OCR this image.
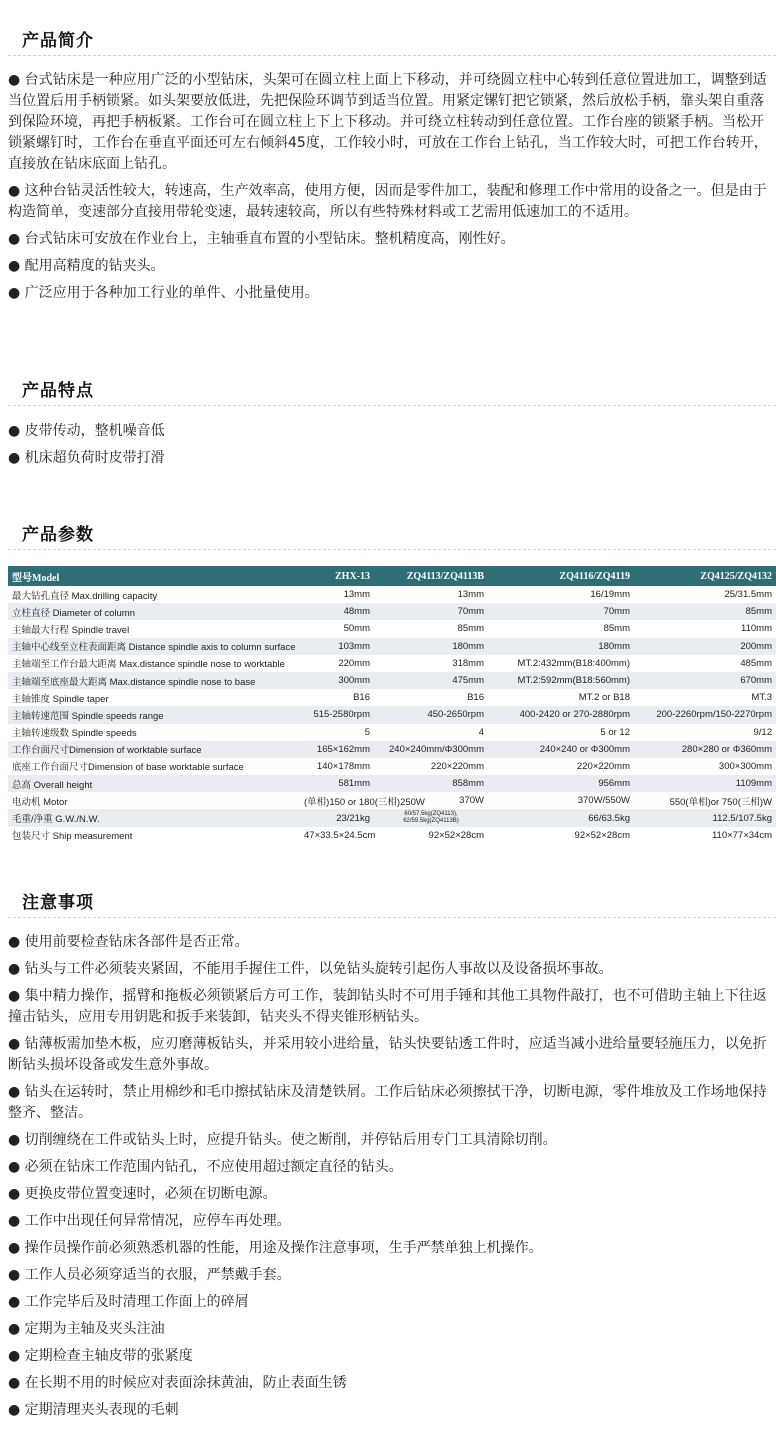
产品简介

● 台式钻床是一种应用广泛的小型钻床，头架可在圆立柱上面上下移动，并可绕圆立柱中心转到任意位置进加工，调整到适当位置后用手柄锁紧。如头架要放低进，先把保险环调节到适当位置。用紧定镙钉把它锁紧，然后放松手柄，靠头架自重落到保险环境，再把手柄板紧。工作台可在圆立柱上下上下移动。并可绕立柱转动到任意位置。工作台座的锁紧手柄。当松开锁紧螺钉时，工作台在垂直平面还可左右倾斜45度，工作较小时，可放在工作台上钻孔，当工作较大时，可把工作台转开，直接放在钻床底面上钻孔。

● 这种台钻灵活性较大，转速高，生产效率高，使用方便，因而是零件加工，装配和修理工作中常用的设备之一。但是由于构造简单，变速部分直接用带轮变速，最转速较高，所以有些特殊材料或工艺需用低速加工的不适用。

● 台式钻床可安放在作业台上，主轴垂直布置的小型钻床。整机精度高，刚性好。

● 配用高精度的钻夹头。

● 广泛应用于各种加工行业的单件、小批量使用。

产品特点

● 皮带传动，整机噪音低

● 机床超负荷时皮带打滑

产品参数
型号Model	ZHX-13	ZQ4113/ZQ4113B	ZQ4116/ZQ4119	ZQ4125/ZQ4132
最大钻孔直径 Max.drilling capacity	13mm	13mm	16/19mm	25/31.5mm
立柱直径 Diameter of column	48mm	70mm	70mm	85mm
主轴最大行程 Spindle travel	50mm	85mm	85mm	110mm
主轴中心线至立柱表面距离 Distance spindle axis to column surface	103mm	180mm	180mm	200mm
主轴端至工作台最大距离 Max.distance spindle nose to worktable	220mm	318mm	MT.2:432mm(B18:400mm)	485mm
主轴端至底座最大距离 Max.distance spindle nose to base	300mm	475mm	MT.2:592mm(B18:560mm)	670mm
主轴锥度 Spindle taper	B16	B16	MT.2 or B18	MT.3
主轴转速范围 Spindle speeds range	515-2580rpm	450-2650rpm	400-2420 or 270-2880rpm	200-2260rpm/150-2270rpm
主轴转速级数 Spindle speeds	5	4	5 or 12	9/12
工作台面尺寸Dimension of worktable surface	165×162mm	240×240mm/Φ300mm	240×240 or Φ300mm	280×280 or Φ360mm
底座工作台面尺寸Dimension of base worktable surface	140×178mm	220×220mm	220×220mm	300×300mm
总高 Overall height	581mm	858mm	956mm	1109mm
电动机 Motor	(单相)150 or 180(三相)250W	370W	370W/550W	550(单相)or 750(三相)W
毛重/净重 G.W./N.W.	23/21kg	60/57.5kg(ZQ4113), 62/59.5kg(ZQ4113B)	66/63.5kg	112.5/107.5kg
包装尺寸 Ship measurement	47×33.5×24.5cm	92×52×28cm	92×52×28cm	110×77×34cm
注意事项

● 使用前要检查钻床各部件是否正常。

● 钻头与工件必须装夹紧固，不能用手握住工件，以免钻头旋转引起伤人事故以及设备损坏事故。

● 集中精力操作，摇臂和拖板必须锁紧后方可工作，装卸钻头时不可用手锤和其他工具物件敲打，也不可借助主轴上下往返撞击钻头，应用专用钥匙和扳手来装卸，钻夹头不得夹锥形柄钻头。

● 钻薄板需加垫木板，应刃磨薄板钻头，并采用较小进给量，钻头快要钻透工件时，应适当减小进给量要轻施压力，以免折断钻头损坏设备或发生意外事故。

● 钻头在运转时，禁止用棉纱和毛巾擦拭钻床及清楚铁屑。工作后钻床必须擦拭干净，切断电源，零件堆放及工作场地保持整齐、整洁。

● 切削缠绕在工件或钻头上时，应提升钻头。使之断削，并停钻后用专门工具清除切削。

● 必须在钻床工作范围内钻孔，不应使用超过额定直径的钻头。

● 更换皮带位置变速时，必须在切断电源。

● 工作中出现任何异常情况，应停车再处理。

● 操作员操作前必须熟悉机器的性能，用途及操作注意事项，生手严禁单独上机操作。

● 工作人员必须穿适当的衣服，严禁戴手套。

● 工作完毕后及时清理工作面上的碎屑

● 定期为主轴及夹头注油

● 定期检查主轴皮带的张紧度

● 在长期不用的时候应对表面涂抹黄油，防止表面生锈

● 定期清理夹头表现的毛刺
